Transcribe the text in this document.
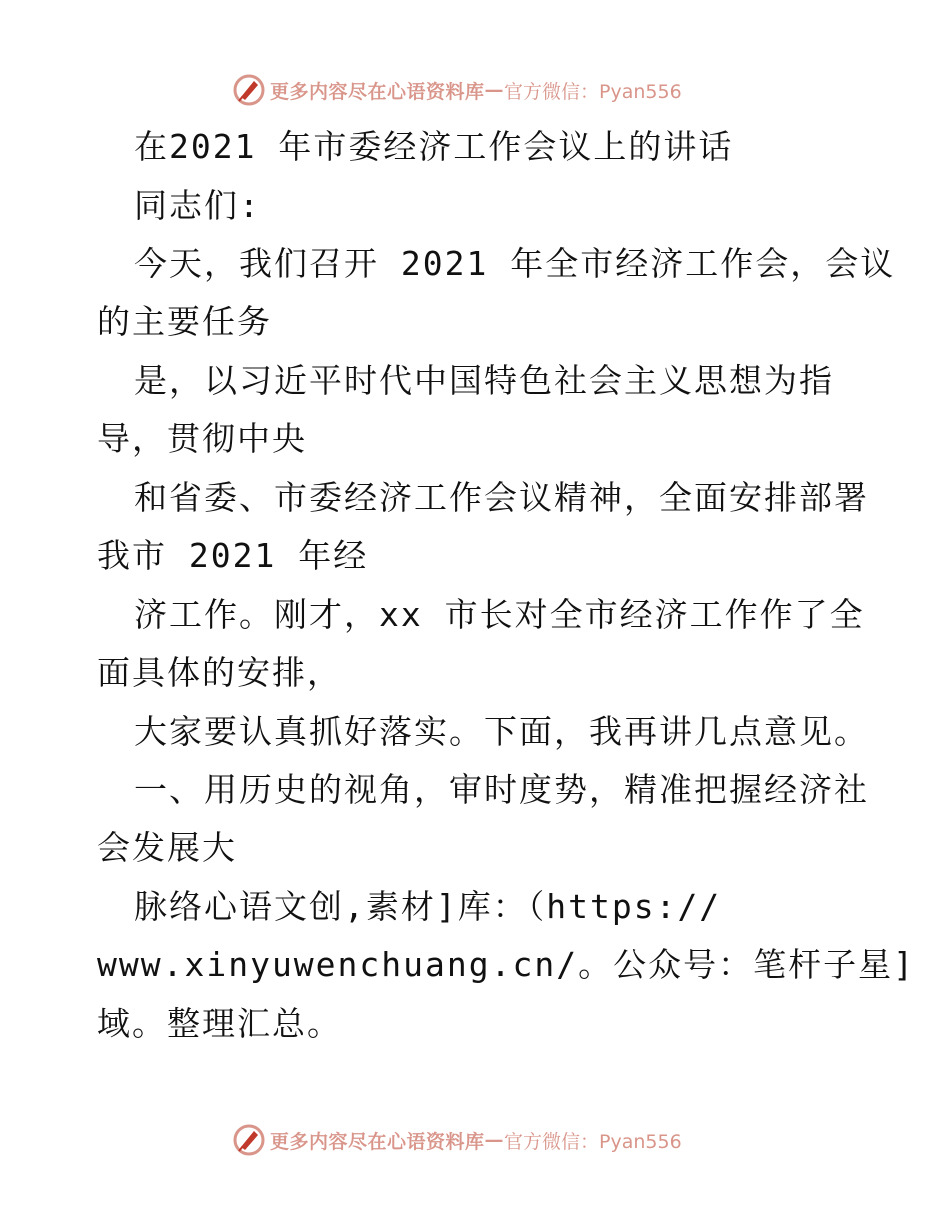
更多内容尽在心语资料库 — 官方微信：Pyan556
在2021 年市委经济工作会议上的讲话
同志们:
今天，我们召开 2021 年全市经济工作会，会议
的主要任务
是，以习近平时代中国特色社会主义思想为指
导，贯彻中央
和省委、市委经济工作会议精神，全面安排部署
我市 2021 年经
济工作。刚才，xx 市长对全市经济工作作了全
面具体的安排，
大家要认真抓好落实。下面，我再讲几点意见。
一、用历史的视角，审时度势，精准把握经济社
会发展大
脉络心语文创,素材]库：（https://
www.xinyuwenchuang.cn/。公众号：笔杆子星]
域。整理汇总。
更多内容尽在心语资料库 — 官方微信：Pyan556
